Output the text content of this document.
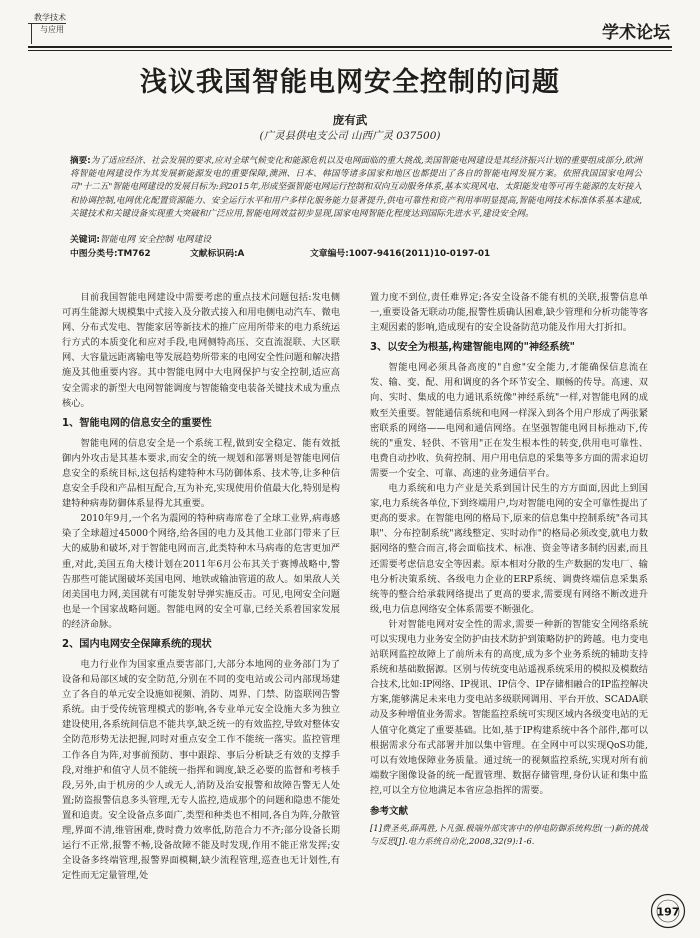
教学技术
与应用	学术论坛
浅议我国智能电网安全控制的问题
庞有武
(广灵县供电支公司 山西广灵 037500)
摘要:为了适应经济、社会发展的要求,应对全球气候变化和能源危机以及电网面临的重大挑战,美国智能电网建设是其经济振兴计划的重要组成部分,欧洲将智能电网建设作为其发展新能源发电的重要保障,澳洲、日本、韩国等诸多国家和地区也都提出了各自的智能电网发展方案。依照我国国家电网公司"十二五"智能电网建设的发展目标为:到2015年,形成坚强智能电网运行控制和双向互动服务体系,基本实现风电、太阳能发电等可再生能源的友好接入和协调控制,电网优化配置资源能力、安全运行水平和用户多样化服务能力显著提升,供电可靠性和资产利用率明显提高,智能电网技术标准体系基本建成,关键技术和关键设备实现重大突破和广泛应用,智能电网效益初步显现,国家电网智能化程度达到国际先进水平,建设安全网。
关键词:智能电网 安全控制 电网建设
中图分类号:TM762	文献标识码:A	文章编号:1007-9416(2011)10-0197-01

目前我国智能电网建设中需要考虑的重点技术问题包括:发电侧可再生能源大规模集中式接入及分散式接入和用电侧电动汽车、微电网、分布式发电、智能家居等新技术的推广应用所带来的电力系统运行方式的本质变化和应对手段,电网侧特高压、交直流混联、大区联网、大容量远距离输电等发展趋势所带来的电网安全性问题和解决措施及其他重要内容。其中智能电网中大电网保护与安全控制,适应高安全需求的新型大电网智能调度与智能输变电装备关键技术成为重点核心。

1、智能电网的信息安全的重要性

智能电网的信息安全是一个系统工程,做到安全稳定、能有效抵御内外攻击是其基本要求,而安全的统一规划和部署则是智能电网信息安全的系统目标,这包括构建特种木马防御体系、技术等,让多种信息安全手段和产品相互配合,互为补充,实现使用价值最大化,特别是构建特种病毒防御体系显得尤其重要。

2010年9月,一个名为震网的特种病毒席卷了全球工业界,病毒感染了全球超过45000个网络,给各国的电力及其他工业部门带来了巨大的威胁和破坏,对于智能电网而言,此类特种木马病毒的危害更加严重,对此,美国五角大楼计划在2011年6月公布其关于赛博战略中,警告那些可能试图破坏美国电网、地铁或输油管道的敌人。如果敌人关闭美国电力网,美国就有可能发射导弹实施反击。可见,电网安全问题也是一个国家战略问题。智能电网的安全可靠,已经关系着国家发展的经济命脉。

2、国内电网安全保障系统的现状

电力行业作为国家重点要害部门,大部分本地网的业务部门为了设备和局部区域的安全防范,分别在不同的变电站或公司内部现场建立了各自的单元安全设施如视频、消防、周界、门禁、防盗联网告警系统。由于受传统管理模式的影响,各专业单元安全设施大多为独立建设使用,各系统间信息不能共享,缺乏统一的有效监控,导致对整体安全防范形势无法把握,同时对重点安全工作不能统一落实。监控管理工作各自为阵,对事前预防、事中跟踪、事后分析缺乏有效的支撑手段,对维护和值守人员不能统一指挥和调度,缺乏必要的监督和考核手段,另外,由于机房的少人或无人,消防及治安报警和故障告警无人处置;防盗报警信息多头管理,无专人监控,造成那个的问题和隐患不能处置和追责。安全设备点多面广,类型和种类也不相同,各自为阵,分散管理,界面不清,维管困难,费时费力效率低,防范合力不齐;部分设备长期运行不正常,报警不畅,设备故障不能及时发现,作用不能正常发挥;安全设备多终端管理,报警界面模糊,缺少流程管理,巡查也无计划性,有定性而无定量管理,处

置力度不到位,责任难界定;各安全设备不能有机的关联,报警信息单一,重要设备无联动功能,报警性质确认困难,缺少管理和分析功能等客主观因素的影响,造成现有的安全设备防范功能及作用大打折扣。

3、以安全为根基,构建智能电网的"神经系统"

智能电网必须具备高度的"自愈"安全能力,才能确保信息流在发、输、变、配、用和调度的各个环节安全、顺畅的传导。高速、双向、实时、集成的电力通讯系统像"神经系统"一样,对智能电网的成败至关重要。智能通信系统和电网一样深入到各个用户形成了两张紧密联系的网络——电网和通信网络。在坚强智能电网目标推动下,传统的"重发、轻供、不管用"正在发生根本性的转变,供用电可靠性、电费自动抄收、负荷控制、用户用电信息的采集等多方面的需求迫切需要一个安全、可靠、高速的业务通信平台。

电力系统和电力产业是关系到国计民生的方方面面,因此上到国家,电力系统各单位,下到终端用户,均对智能电网的安全可靠性提出了更高的要求。在智能电网的格局下,原来的信息集中控制系统"各司其职"、分布控制系统"离线整定、实时动作"的格局必须改变,就电力数据网络的整合而言,将会面临技术、标准、资金等诸多制约因素,而且还需要考虑信息安全等因素。原本相对分散的生产数据的发电厂、输电分析决策系统、各级电力企业的ERP系统、调费终端信息采集系统等的整合给承载网络提出了更高的要求,需要现有网络不断改进升级,电力信息网络安全体系需要不断强化。

针对智能电网对安全性的需求,需要一种新的智能安全网络系统可以实现电力业务安全防护由技术防护到策略防护的跨越。电力变电站联网监控故障上了前所未有的高度,成为多个业务系统的辅助支持系统和基础数据源。区别与传统变电站遥视系统采用的模拟及模数结合技术,比如:IP网络、IP视讯、IP信令、IP存储相融合的IP监控解决方案,能够满足未来电力变电站多级联网调用、平台开放、SCADA联动及多种增值业务需求。智能监控系统可实现区域内各级变电站的无人值守化奠定了重要基础。比如,基于IP构建系统中各个部件,都可以根据需求分布式部署并加以集中管理。在全网中可以实现QoS功能,可以有效地保障业务质量。通过统一的视频监控系统,实现对所有前端数字图像设备的统一配置管理、数据存储管理,身份认证和集中监控,可以全方位地满足本省应急指挥的需要。

参考文献

[1]费圣英,薛禹胜,卜凡强.极端外部灾害中的停电防御系统构思(一)新的挑战与反思[J].电力系统自动化,2008,32(9):1-6.

197
